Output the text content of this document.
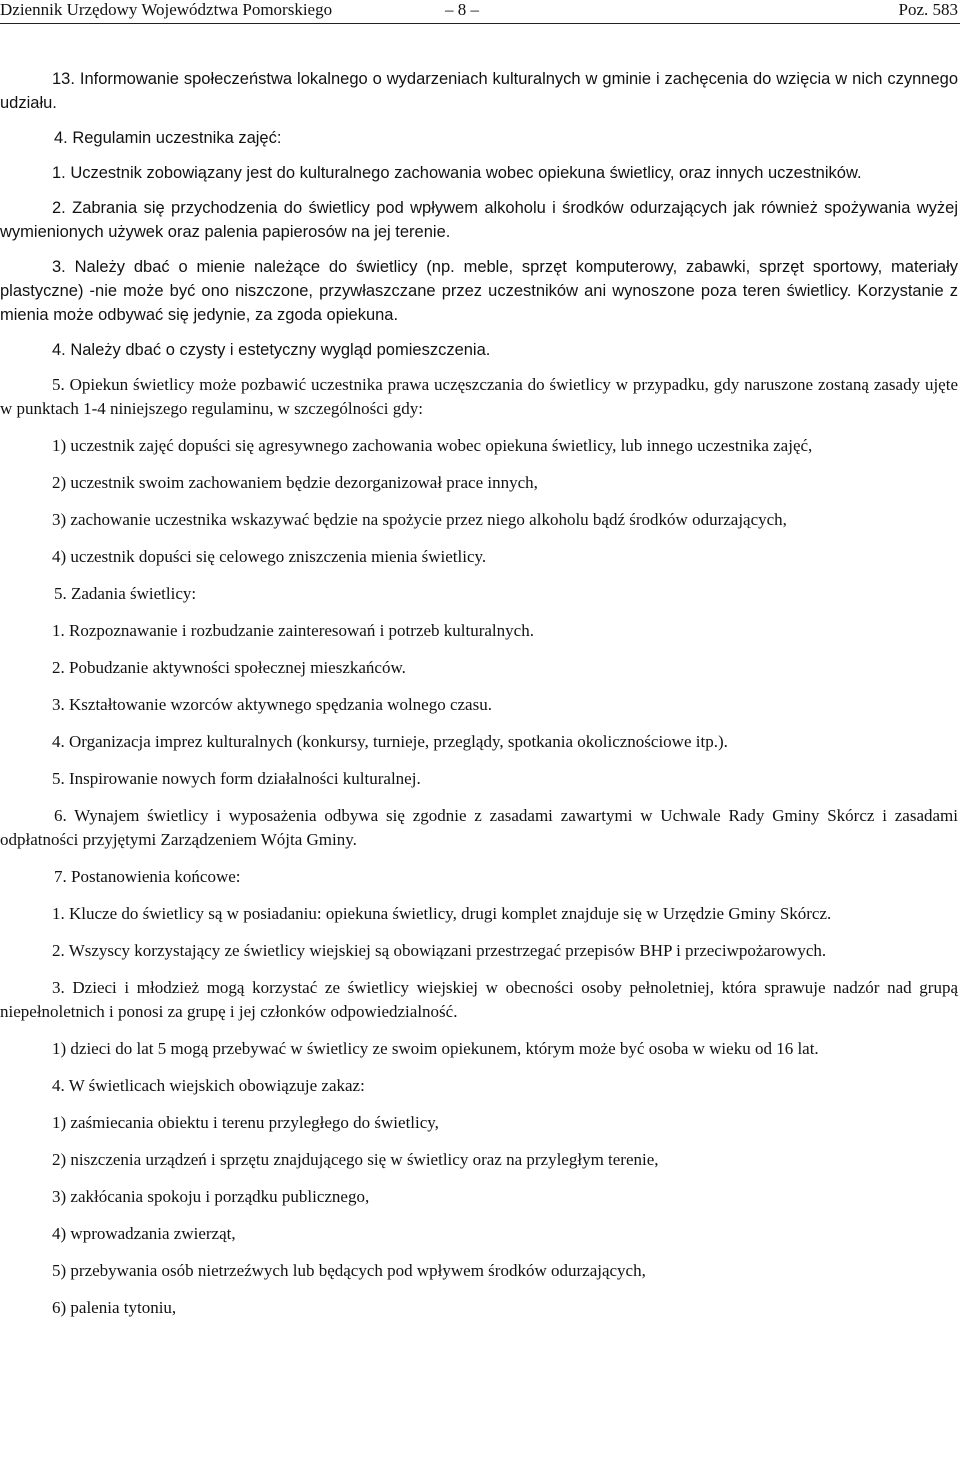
Dziennik Urzędowy Województwa Pomorskiego	– 8 –	Poz. 583

13. Informowanie społeczeństwa lokalnego o wydarzeniach kulturalnych w gminie i zachęcenia do wzięcia w nich czynnego udziału.

4. Regulamin uczestnika zajęć:

1. Uczestnik zobowiązany jest do kulturalnego zachowania wobec opiekuna świetlicy, oraz innych uczestników.

2. Zabrania się przychodzenia do świetlicy pod wpływem alkoholu i środków odurzających jak również spożywania wyżej wymienionych używek oraz palenia papierosów na jej terenie.

3. Należy dbać o mienie należące do świetlicy (np. meble, sprzęt komputerowy, zabawki, sprzęt sportowy, materiały plastyczne) -nie może być ono niszczone, przywłaszczane przez uczestników ani wynoszone poza teren świetlicy. Korzystanie z mienia może odbywać się jedynie, za zgoda opiekuna.

4. Należy dbać o czysty i estetyczny wygląd pomieszczenia.

5. Opiekun świetlicy może pozbawić uczestnika prawa uczęszczania do świetlicy w przypadku, gdy naruszone zostaną zasady ujęte w punktach 1-4 niniejszego regulaminu, w szczególności gdy:

1) uczestnik zajęć dopuści się agresywnego zachowania wobec opiekuna świetlicy, lub innego uczestnika zajęć,

2) uczestnik swoim zachowaniem będzie dezorganizował prace innych,

3) zachowanie uczestnika wskazywać będzie na spożycie przez niego alkoholu bądź środków odurzających,

4) uczestnik dopuści się celowego zniszczenia mienia świetlicy.

5. Zadania świetlicy:

1. Rozpoznawanie i rozbudzanie zainteresowań i potrzeb kulturalnych.

2. Pobudzanie aktywności społecznej mieszkańców.

3. Kształtowanie wzorców aktywnego spędzania wolnego czasu.

4. Organizacja imprez kulturalnych (konkursy, turnieje, przeglądy, spotkania okolicznościowe itp.).

5. Inspirowanie nowych form działalności kulturalnej.

6. Wynajem świetlicy i wyposażenia odbywa się zgodnie z zasadami zawartymi w Uchwale Rady Gminy Skórcz i zasadami odpłatności przyjętymi Zarządzeniem Wójta Gminy.

7. Postanowienia końcowe:

1. Klucze do świetlicy są w posiadaniu: opiekuna świetlicy, drugi komplet znajduje się w Urzędzie Gminy Skórcz.

2. Wszyscy korzystający ze świetlicy wiejskiej są obowiązani przestrzegać przepisów BHP i przeciwpożarowych.

3. Dzieci i młodzież mogą korzystać ze świetlicy wiejskiej w obecności osoby pełnoletniej, która sprawuje nadzór nad grupą niepełnoletnich i ponosi za grupę i jej członków odpowiedzialność.

1) dzieci do lat 5 mogą przebywać w świetlicy ze swoim opiekunem, którym może być osoba w wieku od 16 lat.

4. W świetlicach wiejskich obowiązuje zakaz:

1) zaśmiecania obiektu i terenu przyległego do świetlicy,

2) niszczenia urządzeń i sprzętu znajdującego się w świetlicy oraz na przyległym terenie,

3) zakłócania spokoju i porządku publicznego,

4) wprowadzania zwierząt,

5) przebywania osób nietrzeźwych lub będących pod wpływem środków odurzających,

6) palenia tytoniu,
